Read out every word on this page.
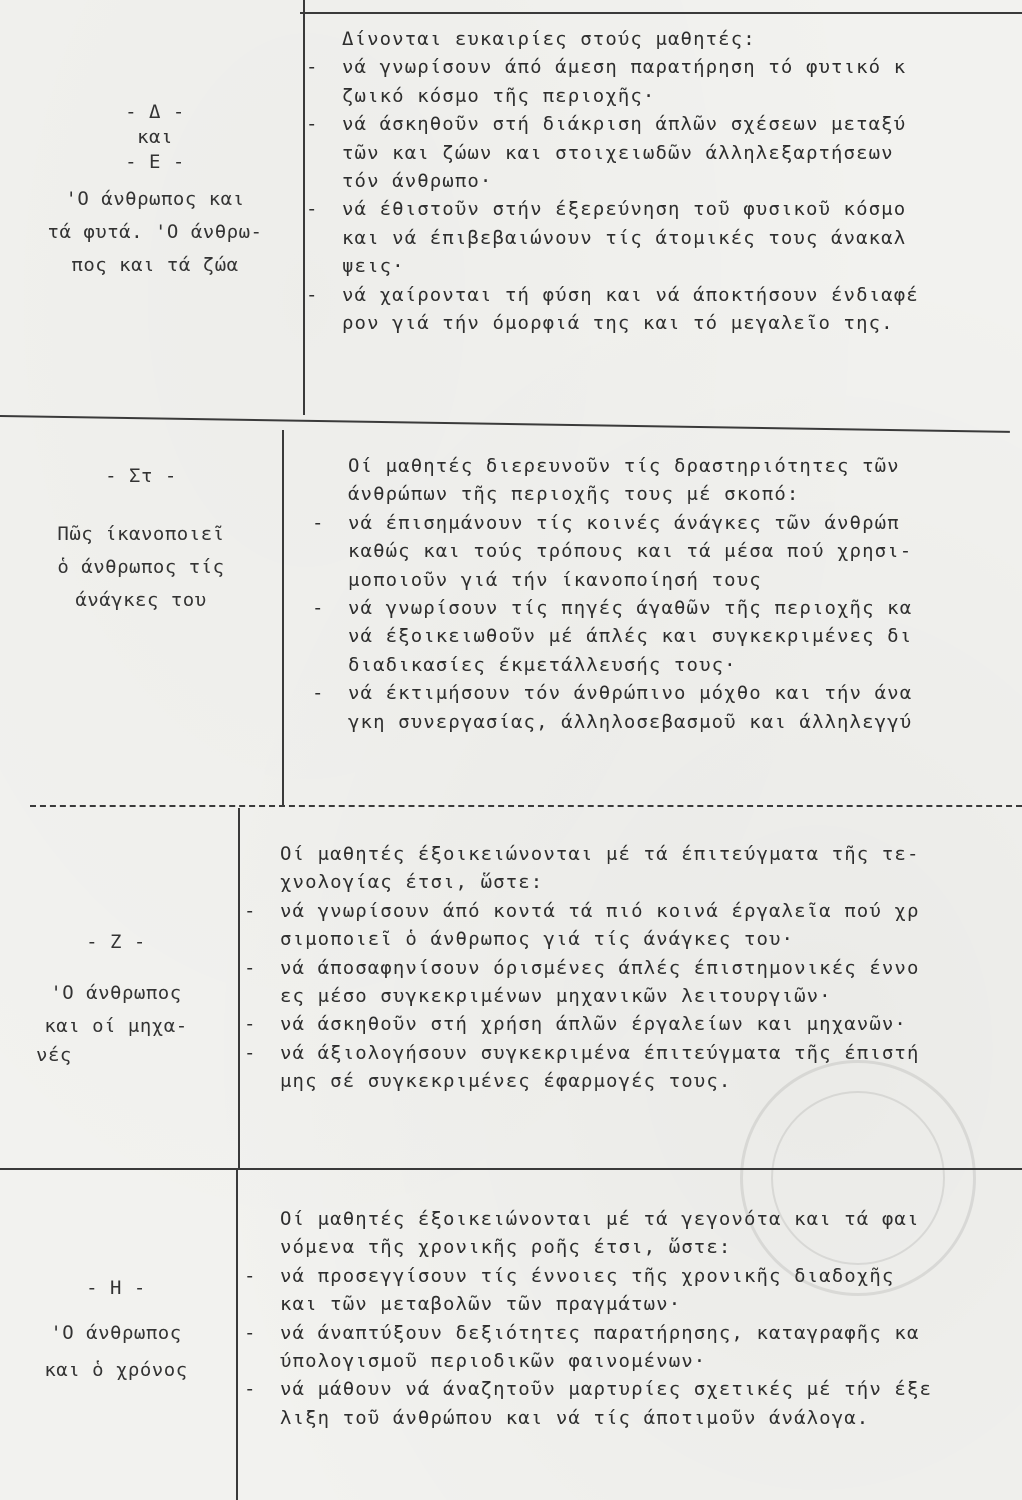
- Δ -
και
- Ε -
'Ο άνθρωπος και
τά φυτά. 'Ο άνθρω-
πος και τά ζώα
Δίνονται ευκαιρίες στούς μαθητές:
- νά γνωρίσουν άπό άμεση παρατήρηση τό φυτικό κ
ζωικό κόσμο τῆς περιοχῆς·
- νά άσκηθοῦν στή διάκριση άπλῶν σχέσεων μεταξύ
τῶν και ζώων και στοιχειωδῶν άλληλεξαρτήσεων
τόν άνθρωπο·
- νά έθιστοῦν στήν έξερεύνηση τοῦ φυσικοῦ κόσμο
και νά έπιβεβαιώνουν τίς άτομικές τους άνακαλ
ψεις·
- νά χαίρονται τή φύση και νά άποκτήσουν ένδιαφέ
ρον γιά τήν όμορφιά της και τό μεγαλεῖο της.
- Στ -
Πῶς ίκανοποιεῖ
ὁ άνθρωπος τίς
άνάγκες του
Οί μαθητές διερευνοῦν τίς δραστηριότητες τῶν
άνθρώπων τῆς περιοχῆς τους μέ σκοπό:
- νά έπισημάνουν τίς κοινές άνάγκες τῶν άνθρώπ
καθώς και τούς τρόπους και τά μέσα πού χρησι-
μοποιοῦν γιά τήν ίκανοποίησή τους
- νά γνωρίσουν τίς πηγές άγαθῶν τῆς περιοχῆς κα
νά έξοικειωθοῦν μέ άπλές και συγκεκριμένες δι
διαδικασίες έκμετάλλευσής τους·
- νά έκτιμήσουν τόν άνθρώπινο μόχθο και τήν άνα
γκη συνεργασίας, άλληλοσεβασμοῦ και άλληλεγγύ
- Ζ -
'Ο άνθρωπος
και οί μηχα-
νές
Οί μαθητές έξοικειώνονται μέ τά έπιτεύγματα τῆς τε-
χνολογίας έτσι, ὥστε:
- νά γνωρίσουν άπό κοντά τά πιό κοινά έργαλεῖα πού χρ
σιμοποιεῖ ὁ άνθρωπος γιά τίς άνάγκες του·
- νά άποσαφηνίσουν όρισμένες άπλές έπιστημονικές έννο
ες μέσο συγκεκριμένων μηχανικῶν λειτουργιῶν·
- νά άσκηθοῦν στή χρήση άπλῶν έργαλείων και μηχανῶν·
- νά άξιολογήσουν συγκεκριμένα έπιτεύγματα τῆς έπιστή
μης σέ συγκεκριμένες έφαρμογές τους.
- Η -
'Ο άνθρωπος
και ὁ χρόνος
Οί μαθητές έξοικειώνονται μέ τά γεγονότα και τά φαι
νόμενα τῆς χρονικῆς ροῆς έτσι, ὥστε:
- νά προσεγγίσουν τίς έννοιες τῆς χρονικῆς διαδοχῆς
και τῶν μεταβολῶν τῶν πραγμάτων·
- νά άναπτύξουν δεξιότητες παρατήρησης, καταγραφῆς κα
ύπολογισμοῦ περιοδικῶν φαινομένων·
- νά μάθουν νά άναζητοῦν μαρτυρίες σχετικές μέ τήν έξε
λιξη τοῦ άνθρώπου και νά τίς άποτιμοῦν άνάλογα.
